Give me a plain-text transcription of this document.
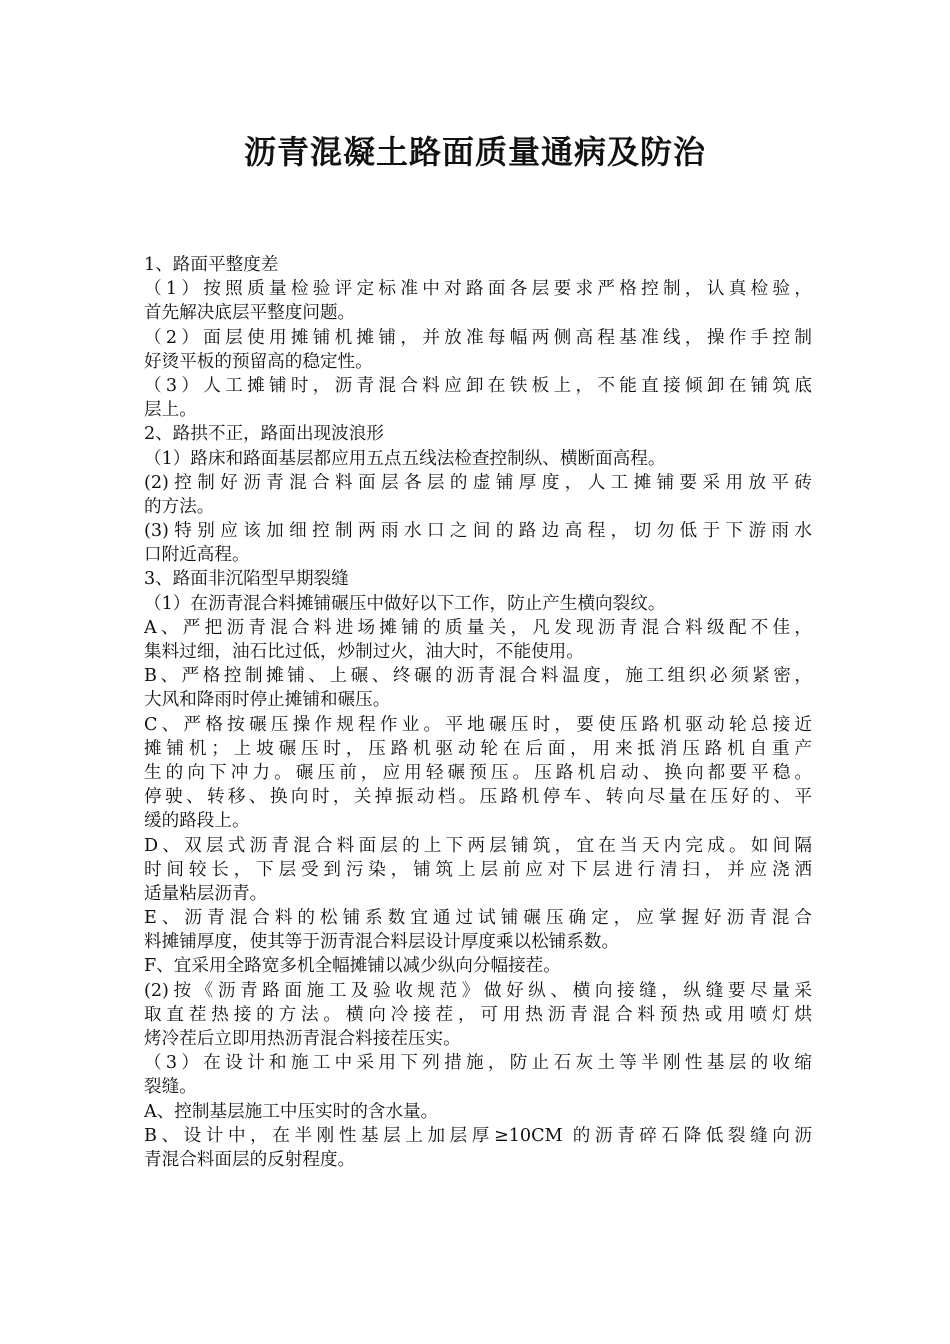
沥青混凝土路面质量通病及防治
1、路面平整度差
（1）按照质量检验评定标准中对路面各层要求严格控制，认真检验，
首先解决底层平整度问题。
（2）面层使用摊铺机摊铺，并放准每幅两侧高程基准线，操作手控制
好烫平板的预留高的稳定性。
（3）人工摊铺时，沥青混合料应卸在铁板上，不能直接倾卸在铺筑底
层上。
2、路拱不正，路面出现波浪形
（1）路床和路面基层都应用五点五线法检查控制纵、横断面高程。
(2)控制好沥青混合料面层各层的虚铺厚度，人工摊铺要采用放平砖
的方法。
(3)特别应该加细控制两雨水口之间的路边高程，切勿低于下游雨水
口附近高程。
3、路面非沉陷型早期裂缝
（1）在沥青混合料摊铺碾压中做好以下工作，防止产生横向裂纹。
A、严把沥青混合料进场摊铺的质量关，凡发现沥青混合料级配不佳，
集料过细，油石比过低，炒制过火，油大时，不能使用。
B、严格控制摊铺、上碾、终碾的沥青混合料温度，施工组织必须紧密，
大风和降雨时停止摊铺和碾压。
C、严格按碾压操作规程作业。平地碾压时，要使压路机驱动轮总接近
摊铺机；上坡碾压时，压路机驱动轮在后面，用来抵消压路机自重产
生的向下冲力。碾压前，应用轻碾预压。压路机启动、换向都要平稳。
停驶、转移、换向时，关掉振动档。压路机停车、转向尽量在压好的、平
缓的路段上。
D、双层式沥青混合料面层的上下两层铺筑，宜在当天内完成。如间隔
时间较长，下层受到污染，铺筑上层前应对下层进行清扫，并应浇洒
适量粘层沥青。
E、沥青混合料的松铺系数宜通过试铺碾压确定，应掌握好沥青混合
料摊铺厚度，使其等于沥青混合料层设计厚度乘以松铺系数。
F、宜采用全路宽多机全幅摊铺以减少纵向分幅接茬。
(2)按《沥青路面施工及验收规范》做好纵、横向接缝，纵缝要尽量采
取直茬热接的方法。横向冷接茬，可用热沥青混合料预热或用喷灯烘
烤冷茬后立即用热沥青混合料接茬压实。
（3）在设计和施工中采用下列措施，防止石灰土等半刚性基层的收缩
裂缝。
A、控制基层施工中压实时的含水量。
B、设计中，在半刚性基层上加层厚≥10CM 的沥青碎石降低裂缝向沥
青混合料面层的反射程度。
